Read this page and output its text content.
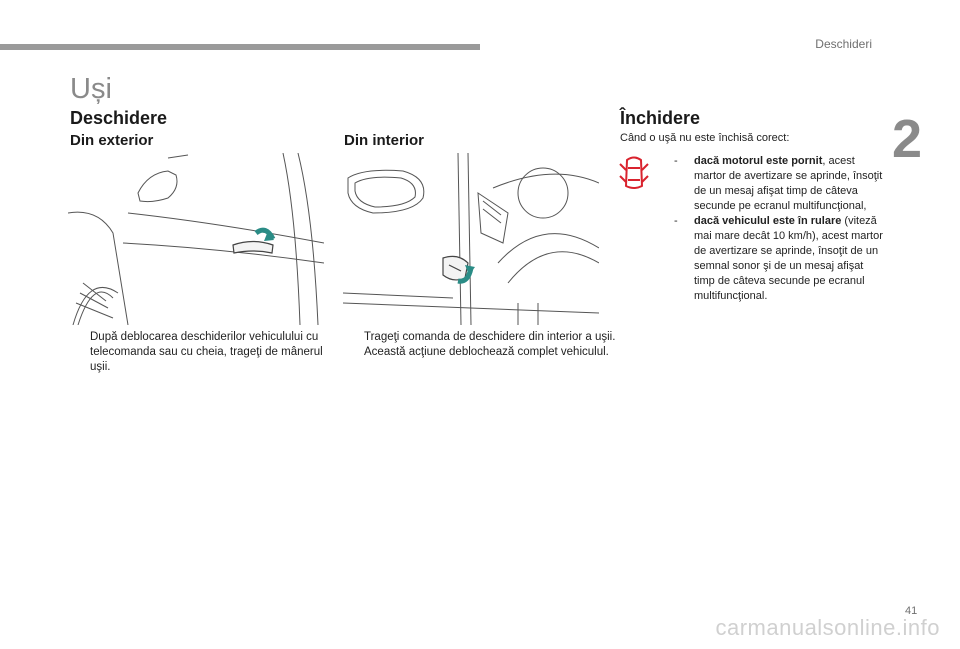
Deschideri
2
Uși
Deschidere
Din exterior	Din interior
Închidere
După deblocarea deschiderilor vehiculului cu telecomanda sau cu cheia, trageţi de mânerul uşii.
Trageţi comanda de deschidere din interior a uşii. Această acţiune deblochează complet vehiculul.
Când o uşă nu este închisă corect:
- dacă motorul este pornit, acest martor de avertizare se aprinde, însoţit de un mesaj afişat timp de câteva secunde pe ecranul multifuncţional,
- dacă vehiculul este în rulare (viteză mai mare decât 10 km/h), acest martor de avertizare se aprinde, însoţit de un semnal sonor şi de un mesaj afişat timp de câteva secunde pe ecranul multifuncţional.
41
carmanualsonline.info
